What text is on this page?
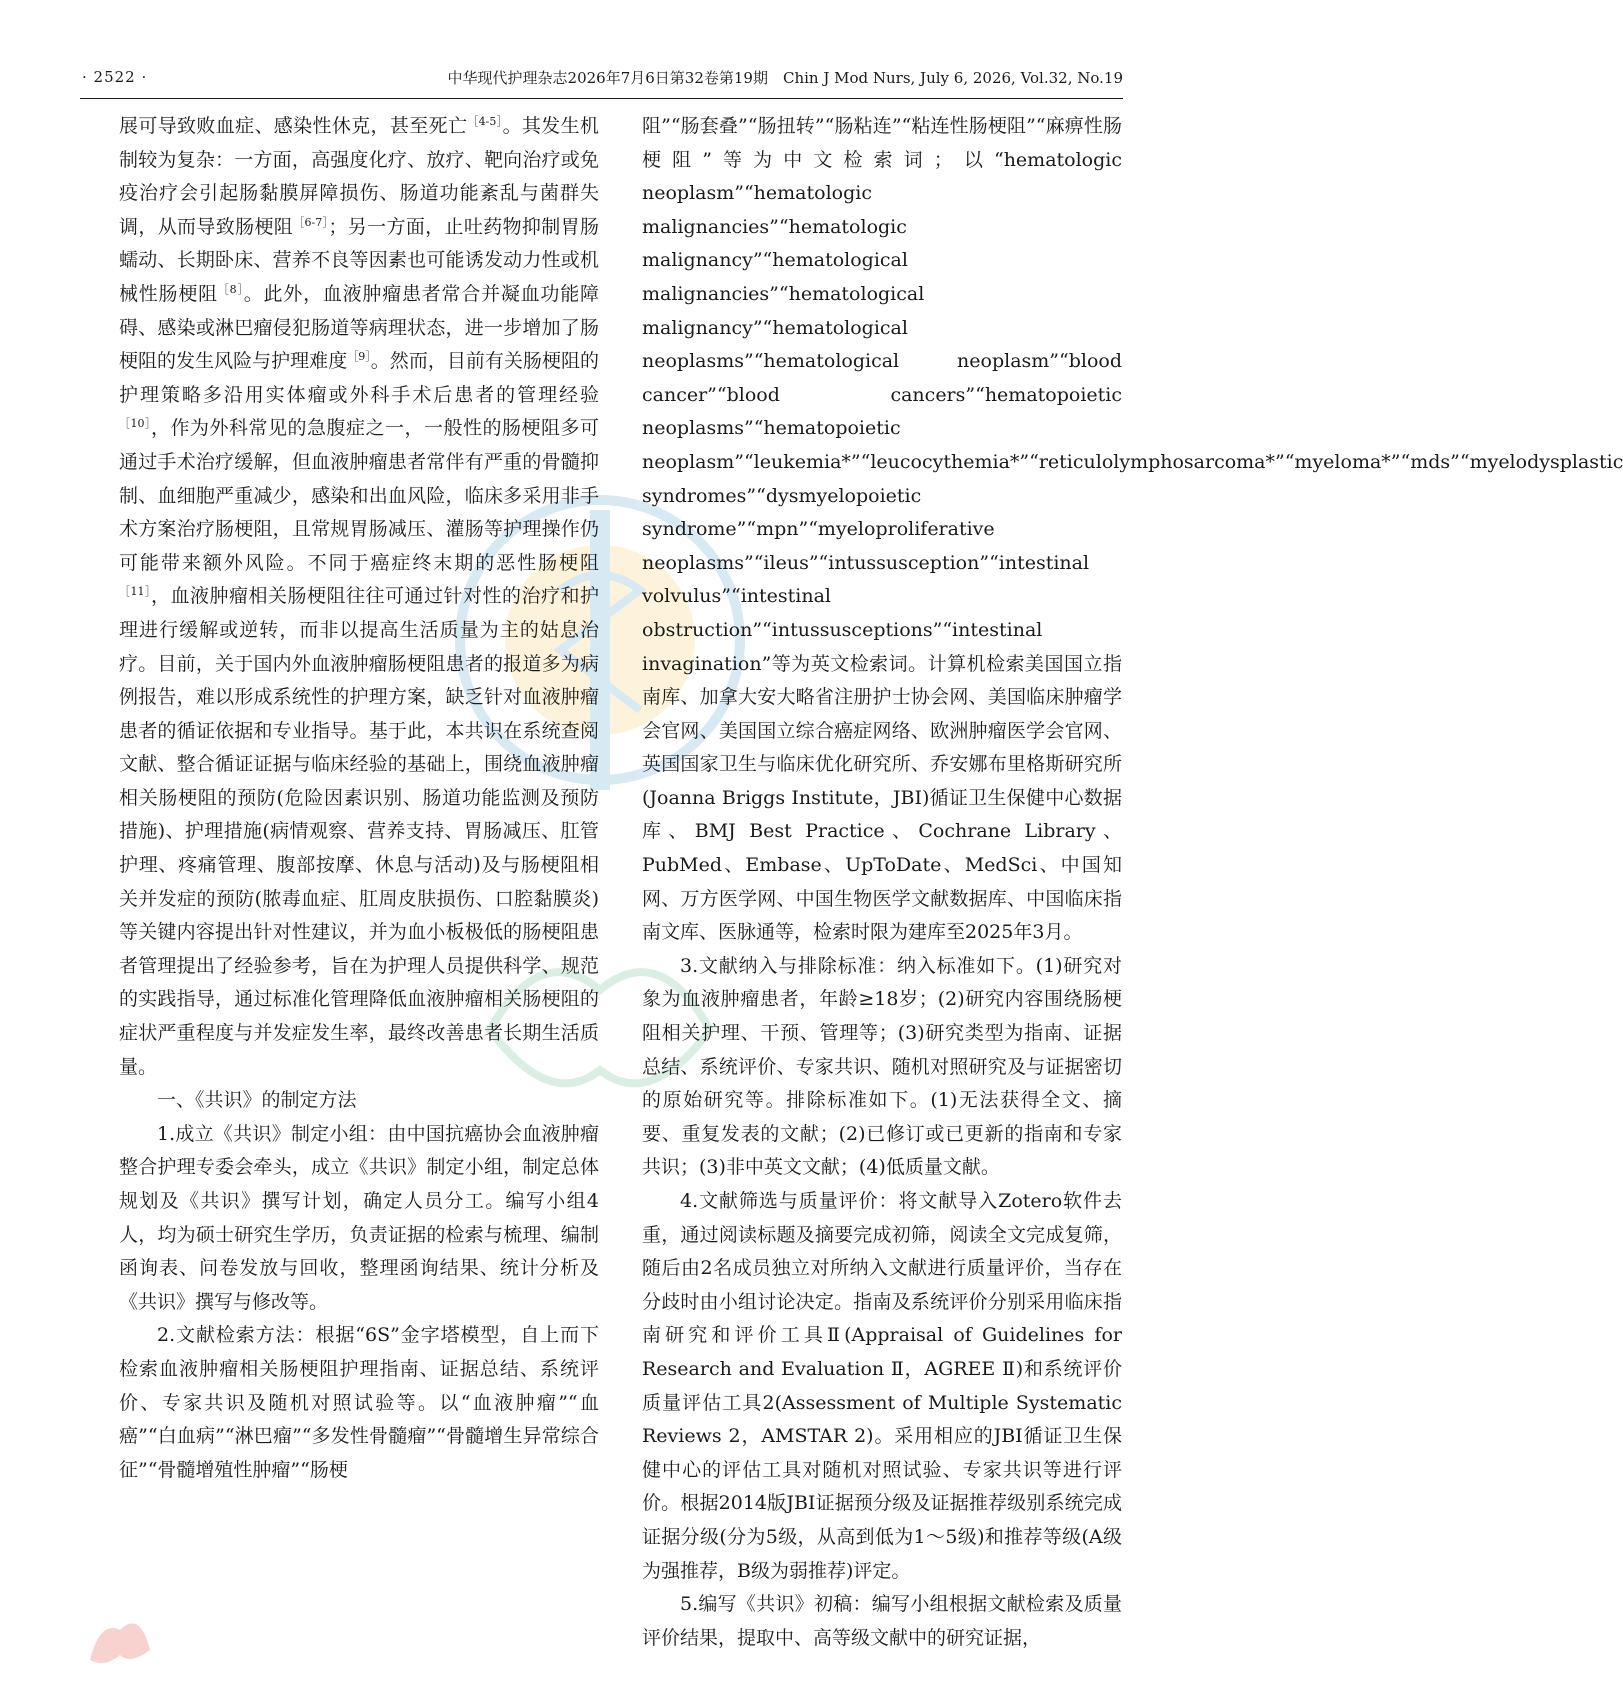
· 2522 ·	中华现代护理杂志2026年7月6日第32卷第19期　Chin J Mod Nurs, July 6, 2026, Vol.32, No.19

展可导致败血症、感染性休克，甚至死亡$^{[4-5]}$。其发生机制较为复杂：一方面，高强度化疗、放疗、靶向治疗或免疫治疗会引起肠黏膜屏障损伤、肠道功能紊乱与菌群失调，从而导致肠梗阻$^{[6-7]}$；另一方面，止吐药物抑制胃肠蠕动、长期卧床、营养不良等因素也可能诱发动力性或机械性肠梗阻$^{[8]}$。此外，血液肿瘤患者常合并凝血功能障碍、感染或淋巴瘤侵犯肠道等病理状态，进一步增加了肠梗阻的发生风险与护理难度$^{[9]}$。然而，目前有关肠梗阻的护理策略多沿用实体瘤或外科手术后患者的管理经验$^{[10]}$，作为外科常见的急腹症之一，一般性的肠梗阻多可通过手术治疗缓解，但血液肿瘤患者常伴有严重的骨髓抑制、血细胞严重减少，感染和出血风险，临床多采用非手术方案治疗肠梗阻，且常规胃肠减压、灌肠等护理操作仍可能带来额外风险。不同于癌症终末期的恶性肠梗阻$^{[11]}$，血液肿瘤相关肠梗阻往往可通过针对性的治疗和护理进行缓解或逆转，而非以提高生活质量为主的姑息治疗。目前，关于国内外血液肿瘤肠梗阻患者的报道多为病例报告，难以形成系统性的护理方案，缺乏针对血液肿瘤患者的循证依据和专业指导。基于此，本共识在系统查阅文献、整合循证证据与临床经验的基础上，围绕血液肿瘤相关肠梗阻的预防(危险因素识别、肠道功能监测及预防措施)、护理措施(病情观察、营养支持、胃肠减压、肛管护理、疼痛管理、腹部按摩、休息与活动)及与肠梗阻相关并发症的预防(脓毒血症、肛周皮肤损伤、口腔黏膜炎)等关键内容提出针对性建议，并为血小板极低的肠梗阻患者管理提出了经验参考，旨在为护理人员提供科学、规范的实践指导，通过标准化管理降低血液肿瘤相关肠梗阻的症状严重程度与并发症发生率，最终改善患者长期生活质量。

一、《共识》的制定方法

1.成立《共识》制定小组：由中国抗癌协会血液肿瘤整合护理专委会牵头，成立《共识》制定小组，制定总体规划及《共识》撰写计划，确定人员分工。编写小组4人，均为硕士研究生学历，负责证据的检索与梳理、编制函询表、问卷发放与回收，整理函询结果、统计分析及《共识》撰写与修改等。

2.文献检索方法：根据“6S”金字塔模型，自上而下检索血液肿瘤相关肠梗阻护理指南、证据总结、系统评价、专家共识及随机对照试验等。以“血液肿瘤”“血癌”“白血病”“淋巴瘤”“多发性骨髓瘤”“骨髓增生异常综合征”“骨髓增殖性肿瘤”“肠梗

阻”“肠套叠”“肠扭转”“肠粘连”“粘连性肠梗阻”“麻痹性肠梗阻”等为中文检索词；以“hematologic neoplasm”“hematologic malignancies”“hematologic malignancy”“hematological malignancies”“hematological malignancy”“hematological neoplasms”“hematological neoplasm”“blood cancer”“blood cancers”“hematopoietic neoplasms”“hematopoietic neoplasm”“leukemia*”“leucocythemia*”“reticulolymphosarcoma*”“myeloma*”“mds”“myelodysplastic syndromes”“dysmyelopoietic syndrome”“mpn”“myeloproliferative neoplasms”“ileus”“intussusception”“intestinal volvulus”“intestinal obstruction”“intussusceptions”“intestinal invagination”等为英文检索词。计算机检索美国国立指南库、加拿大安大略省注册护士协会网、美国临床肿瘤学会官网、美国国立综合癌症网络、欧洲肿瘤医学会官网、英国国家卫生与临床优化研究所、乔安娜布里格斯研究所(Joanna Briggs Institute，JBI)循证卫生保健中心数据库、BMJ Best Practice、Cochrane Library、PubMed、Embase、UpToDate、MedSci、中国知网、万方医学网、中国生物医学文献数据库、中国临床指南文库、医脉通等，检索时限为建库至2025年3月。

3.文献纳入与排除标准：纳入标准如下。(1)研究对象为血液肿瘤患者，年龄≥18岁；(2)研究内容围绕肠梗阻相关护理、干预、管理等；(3)研究类型为指南、证据总结、系统评价、专家共识、随机对照研究及与证据密切的原始研究等。排除标准如下。(1)无法获得全文、摘要、重复发表的文献；(2)已修订或已更新的指南和专家共识；(3)非中英文文献；(4)低质量文献。

4.文献筛选与质量评价：将文献导入Zotero软件去重，通过阅读标题及摘要完成初筛，阅读全文完成复筛，随后由2名成员独立对所纳入文献进行质量评价，当存在分歧时由小组讨论决定。指南及系统评价分别采用临床指南研究和评价工具Ⅱ(Appraisal of Guidelines for Research and Evaluation Ⅱ，AGREE Ⅱ)和系统评价质量评估工具2(Assessment of Multiple Systematic Reviews 2，AMSTAR 2)。采用相应的JBI循证卫生保健中心的评估工具对随机对照试验、专家共识等进行评价。根据2014版JBI证据预分级及证据推荐级别系统完成证据分级(分为5级，从高到低为1～5级)和推荐等级(A级为强推荐，B级为弱推荐)评定。

5.编写《共识》初稿：编写小组根据文献检索及质量评价结果，提取中、高等级文献中的研究证据，
